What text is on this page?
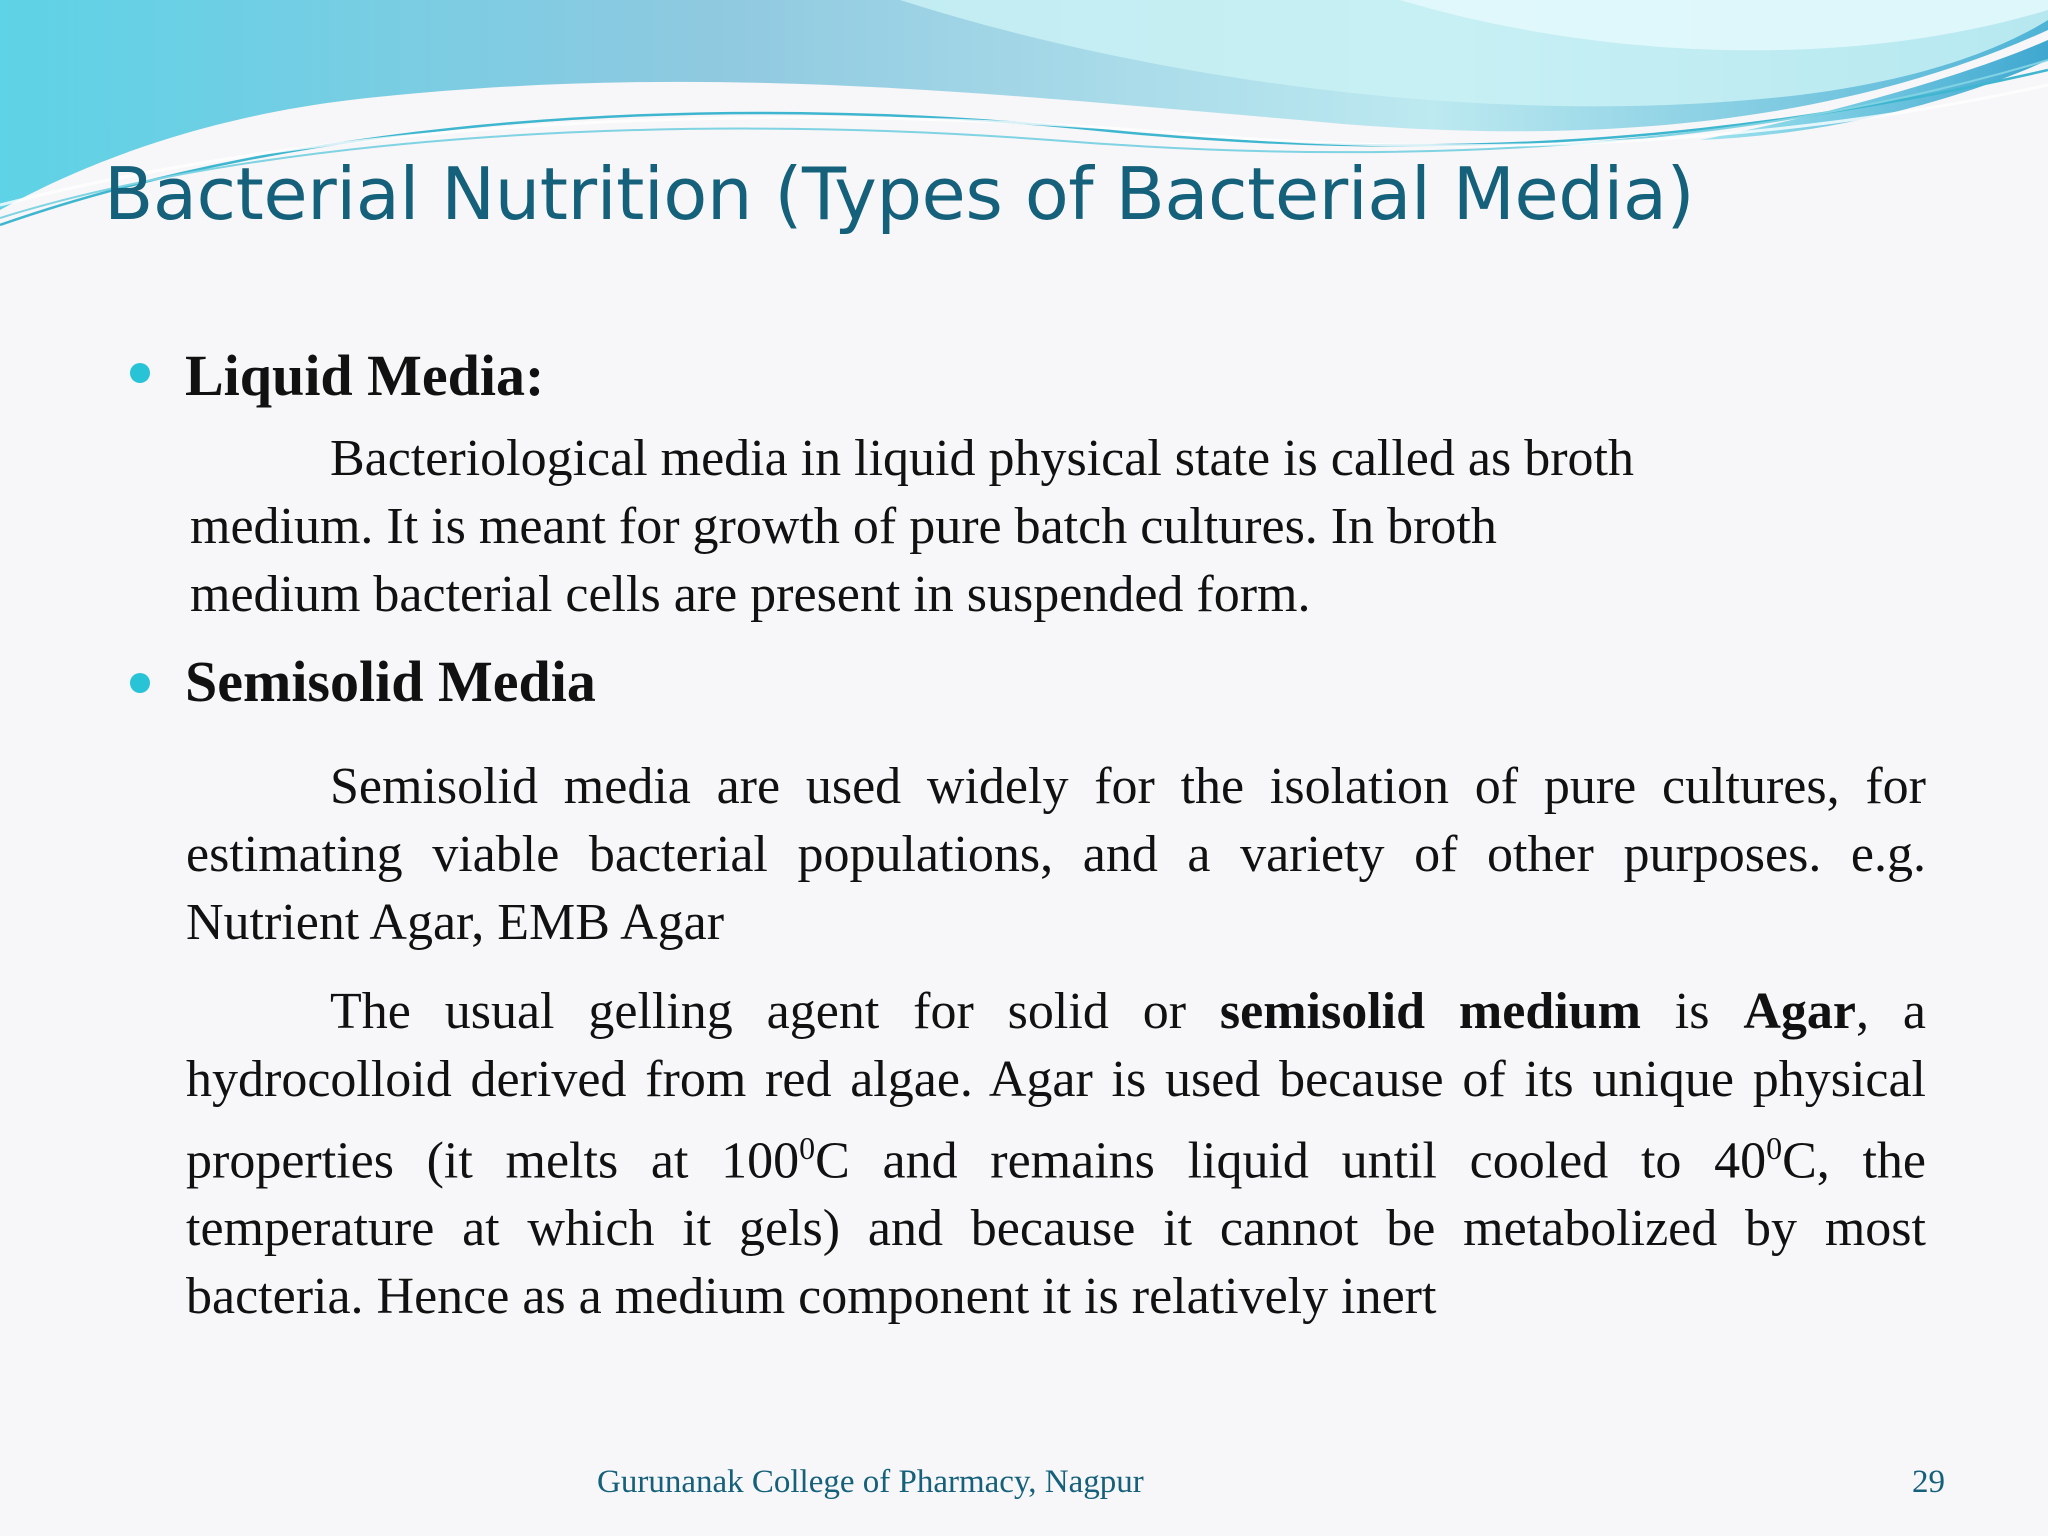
Bacterial Nutrition (Types of Bacterial Media)
Liquid Media:
Bacteriological media in liquid physical state is called as broth
medium. It is meant for growth of pure batch cultures. In broth
medium bacterial cells are present in suspended form.
Semisolid Media

Semisolid media are used widely for the isolation of pure cultures, for estimating viable bacterial populations, and a variety of other purposes. e.g. Nutrient Agar, EMB Agar

The usual gelling agent for solid or semisolid medium is Agar, a hydrocolloid derived from red algae. Agar is used because of its unique physical properties (it melts at $100^0C$ and remains liquid until cooled to $40^0C$, the temperature at which it gels) and because it cannot be metabolized by most bacteria. Hence as a medium component it is relatively inert

Gurunanak College of Pharmacy, Nagpur	29
